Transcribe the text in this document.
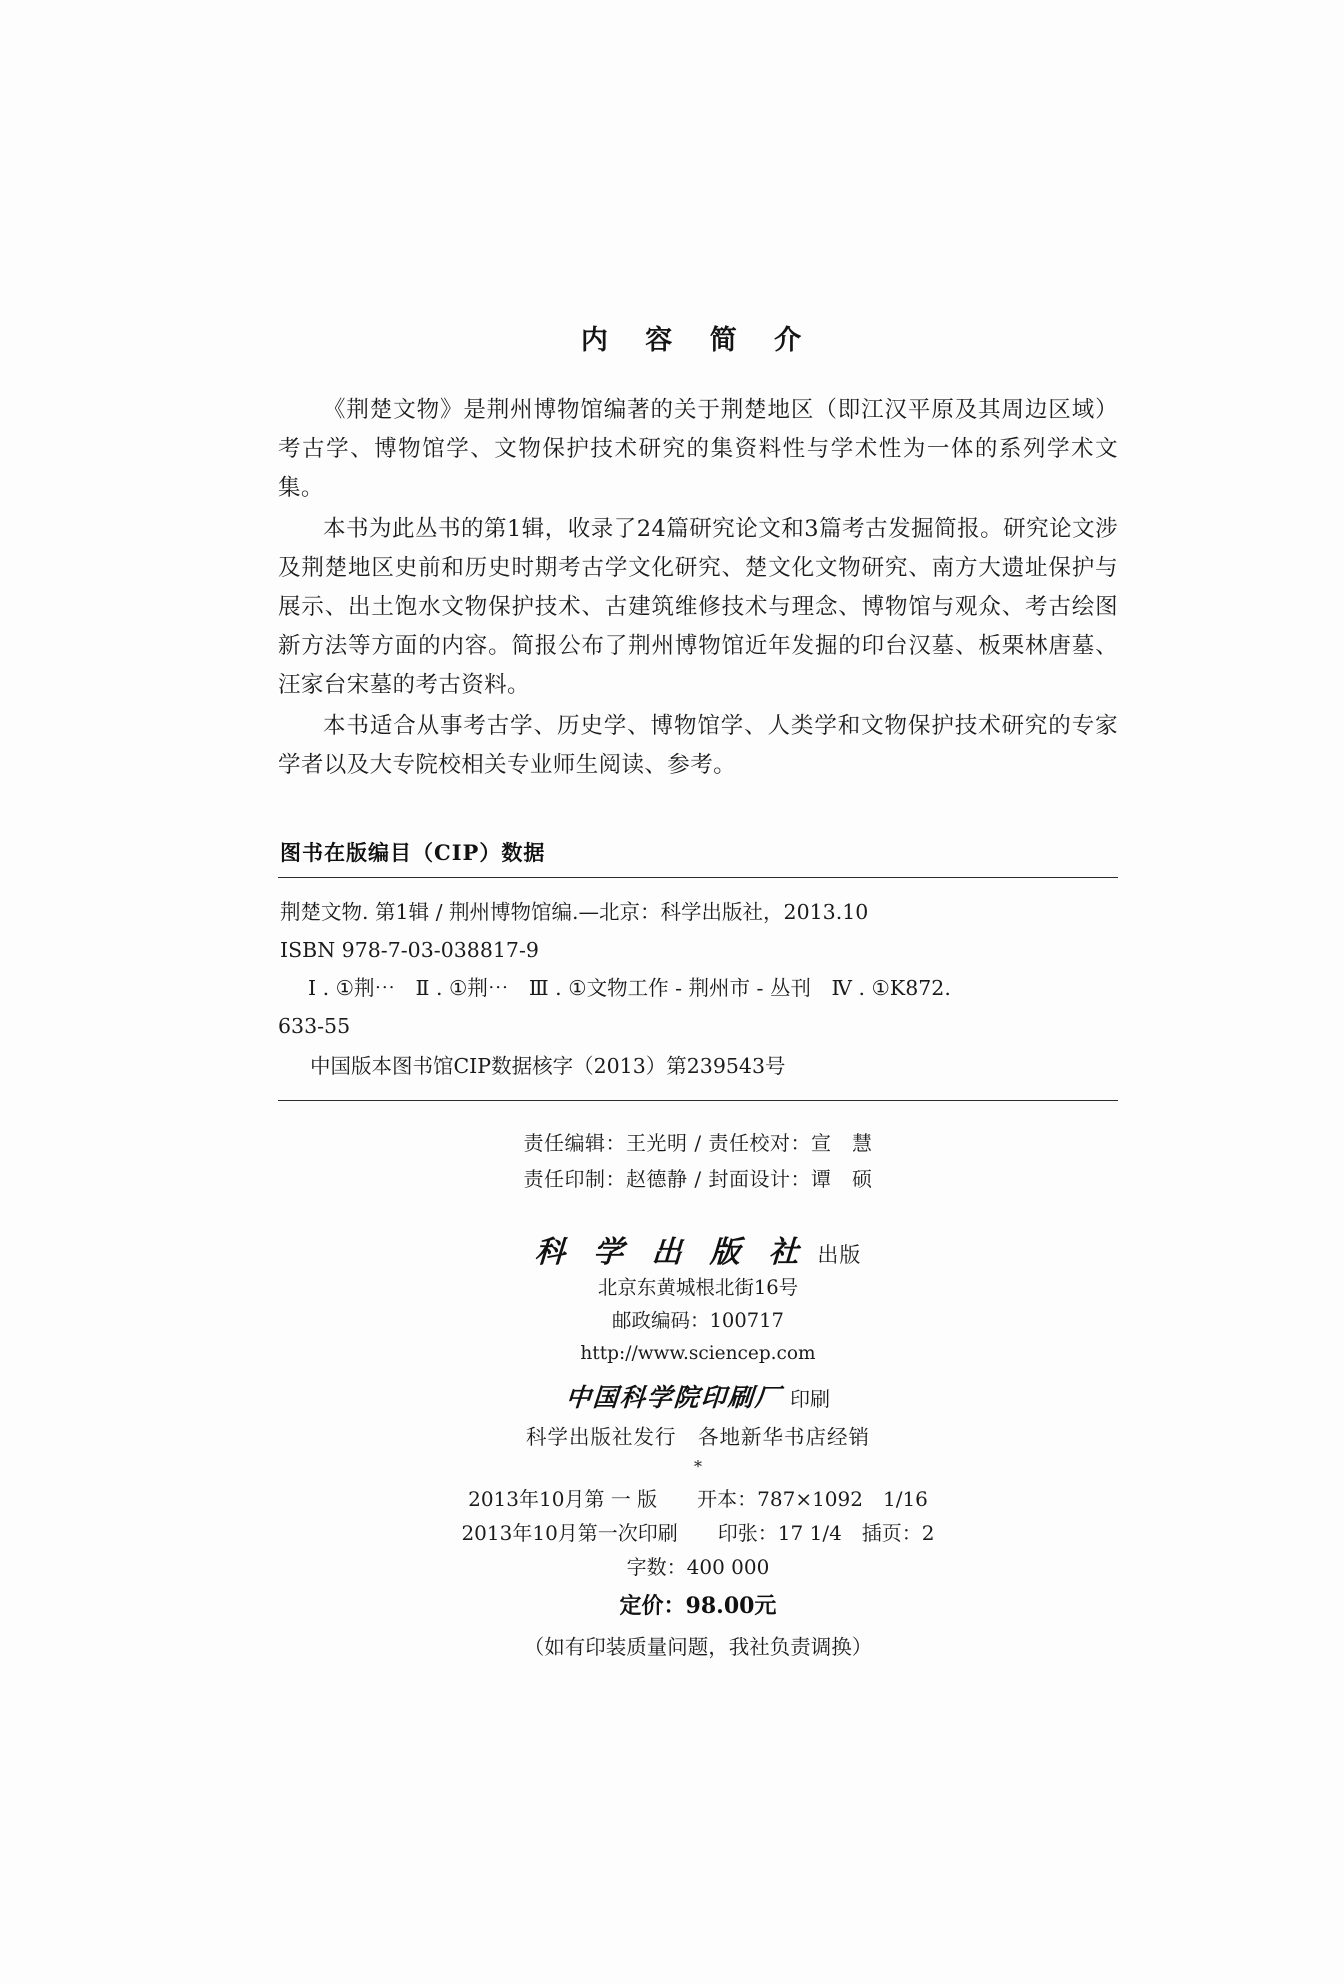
内 容 简 介

《荆楚文物》是荆州博物馆编著的关于荆楚地区（即江汉平原及其周边区域）考古学、博物馆学、文物保护技术研究的集资料性与学术性为一体的系列学术文集。

本书为此丛书的第1辑，收录了24篇研究论文和3篇考古发掘简报。研究论文涉及荆楚地区史前和历史时期考古学文化研究、楚文化文物研究、南方大遗址保护与展示、出土饱水文物保护技术、古建筑维修技术与理念、博物馆与观众、考古绘图新方法等方面的内容。简报公布了荆州博物馆近年发掘的印台汉墓、板栗林唐墓、汪家台宋墓的考古资料。

本书适合从事考古学、历史学、博物馆学、人类学和文物保护技术研究的专家学者以及大专院校相关专业师生阅读、参考。

图书在版编目（CIP）数据
荆楚文物. 第1辑 / 荆州博物馆编.—北京：科学出版社，2013.10
ISBN 978-7-03-038817-9
Ⅰ . ①荆⋯　Ⅱ . ①荆⋯　Ⅲ . ①文物工作 - 荆州市 - 丛刊　Ⅳ . ①K872.
633-55
中国版本图书馆CIP数据核字（2013）第239543号
责任编辑：王光明 / 责任校对：宣　慧
责任印制：赵德静 / 封面设计：谭　硕
科 学 出 版 社 出版
北京东黄城根北街16号
邮政编码：100717
http://www.sciencep.com
中国科学院印刷厂 印刷
科学出版社发行　各地新华书店经销
*
2013年10月第 一 版　　开本：787×1092　1/16
2013年10月第一次印刷　　印张：17 1/4　插页：2
字数：400 000
定价：98.00元
（如有印装质量问题，我社负责调换）
